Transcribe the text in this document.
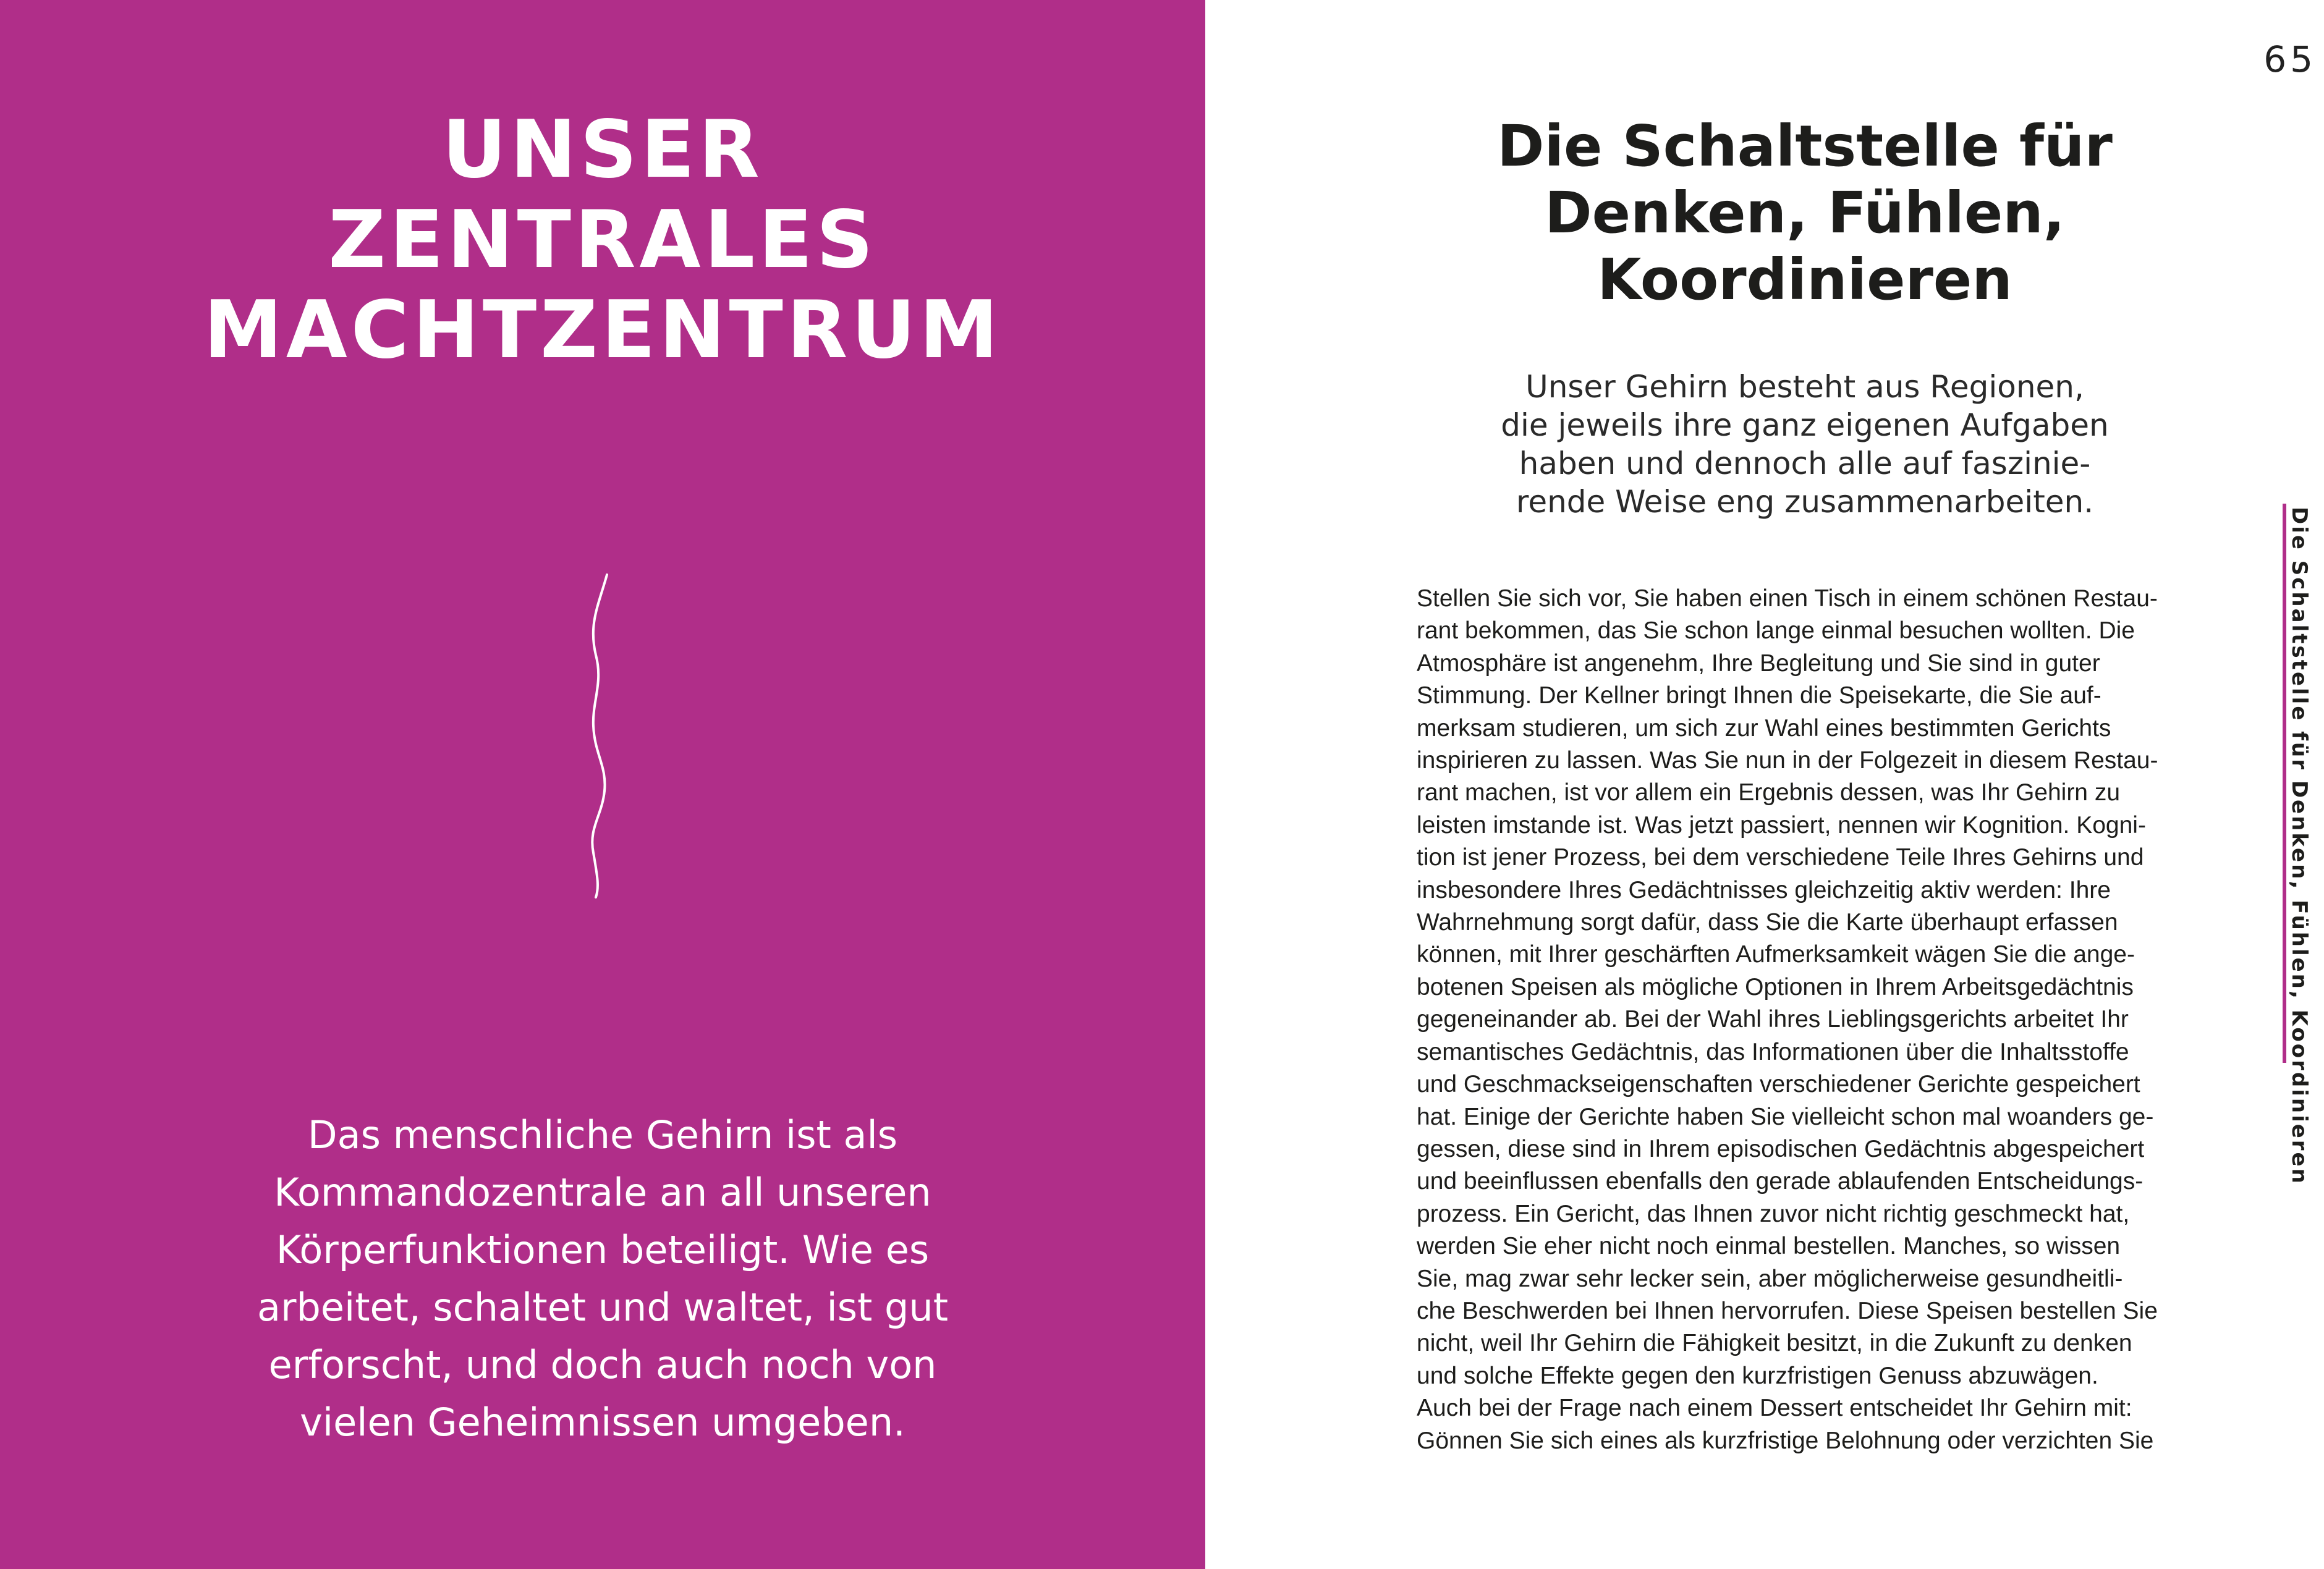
UNSER
ZENTRALES
MACHTZENTRUM

Das menschliche Gehirn ist als Kommandozentrale an all unseren Körperfunktionen beteiligt. Wie es arbeitet, schaltet und waltet, ist gut erforscht, und doch auch noch von vielen Geheimnissen umgeben.

65
Die Schaltstelle für
Denken, Fühlen,
Koordinieren

Unser Gehirn besteht aus Regionen,
die jeweils ihre ganz eigenen Aufgaben
haben und dennoch alle auf faszinie-
rende Weise eng zusammenarbeiten.

Stellen Sie sich vor, Sie haben einen Tisch in einem schönen Restau-
rant bekommen, das Sie schon lange einmal besuchen wollten. Die
Atmosphäre ist angenehm, Ihre Begleitung und Sie sind in guter
Stimmung. Der Kellner bringt Ihnen die Speisekarte, die Sie auf-
merksam studieren, um sich zur Wahl eines bestimmten Gerichts
inspirieren zu lassen. Was Sie nun in der Folgezeit in diesem Restau-
rant machen, ist vor allem ein Ergebnis dessen, was Ihr Gehirn zu
leisten imstande ist. Was jetzt passiert, nennen wir Kognition. Kogni-
tion ist jener Prozess, bei dem verschiedene Teile Ihres Gehirns und
insbesondere Ihres Gedächtnisses gleichzeitig aktiv werden: Ihre
Wahrnehmung sorgt dafür, dass Sie die Karte überhaupt erfassen
können, mit Ihrer geschärften Aufmerksamkeit wägen Sie die ange-
botenen Speisen als mögliche Optionen in Ihrem Arbeitsgedächtnis
gegeneinander ab. Bei der Wahl ihres Lieblingsgerichts arbeitet Ihr
semantisches Gedächtnis, das Informationen über die Inhaltsstoffe
und Geschmackseigenschaften verschiedener Gerichte gespeichert
hat. Einige der Gerichte haben Sie vielleicht schon mal woanders ge-
gessen, diese sind in Ihrem episodischen Gedächtnis abgespeichert
und beeinflussen ebenfalls den gerade ablaufenden Entscheidungs-
prozess. Ein Gericht, das Ihnen zuvor nicht richtig geschmeckt hat,
werden Sie eher nicht noch einmal bestellen. Manches, so wissen
Sie, mag zwar sehr lecker sein, aber möglicherweise gesundheitli-
che Beschwerden bei Ihnen hervorrufen. Diese Speisen bestellen Sie
nicht, weil Ihr Gehirn die Fähigkeit besitzt, in die Zukunft zu denken
und solche Effekte gegen den kurzfristigen Genuss abzuwägen.
Auch bei der Frage nach einem Dessert entscheidet Ihr Gehirn mit:
Gönnen Sie sich eines als kurzfristige Belohnung oder verzichten Sie

Die Schaltstelle für Denken, Fühlen, Koordinieren
